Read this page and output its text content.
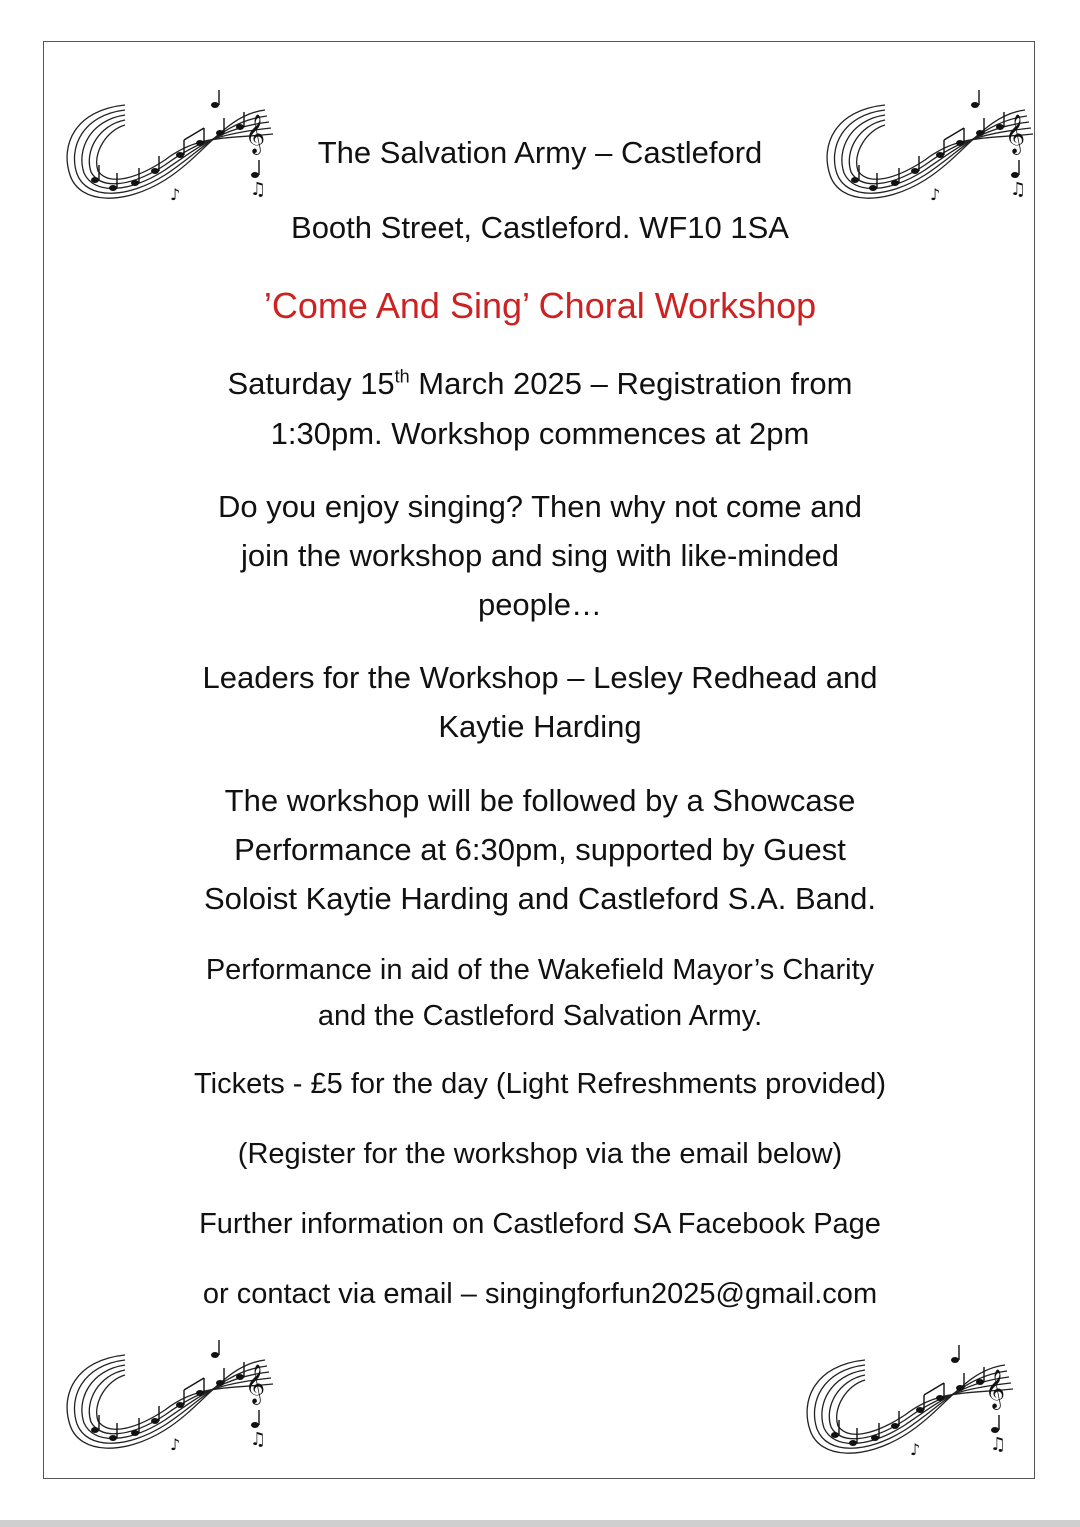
The Salvation Army – Castleford
Booth Street, Castleford. WF10 1SA
’Come And Sing’ Choral Workshop
Saturday 15th March 2025 – Registration from
1:30pm. Workshop commences at 2pm
Do you enjoy singing? Then why not come and
join the workshop and sing with like-minded
people…
Leaders for the Workshop – Lesley Redhead and
Kaytie Harding
The workshop will be followed by a Showcase
Performance at 6:30pm, supported by Guest
Soloist Kaytie Harding and Castleford S.A. Band.
Performance in aid of the Wakefield Mayor’s Charity
and the Castleford Salvation Army.
Tickets - £5 for the day (Light Refreshments provided)
(Register for the workshop via the email below)
Further information on Castleford SA Facebook Page
or contact via email – singingforfun2025@gmail.com
